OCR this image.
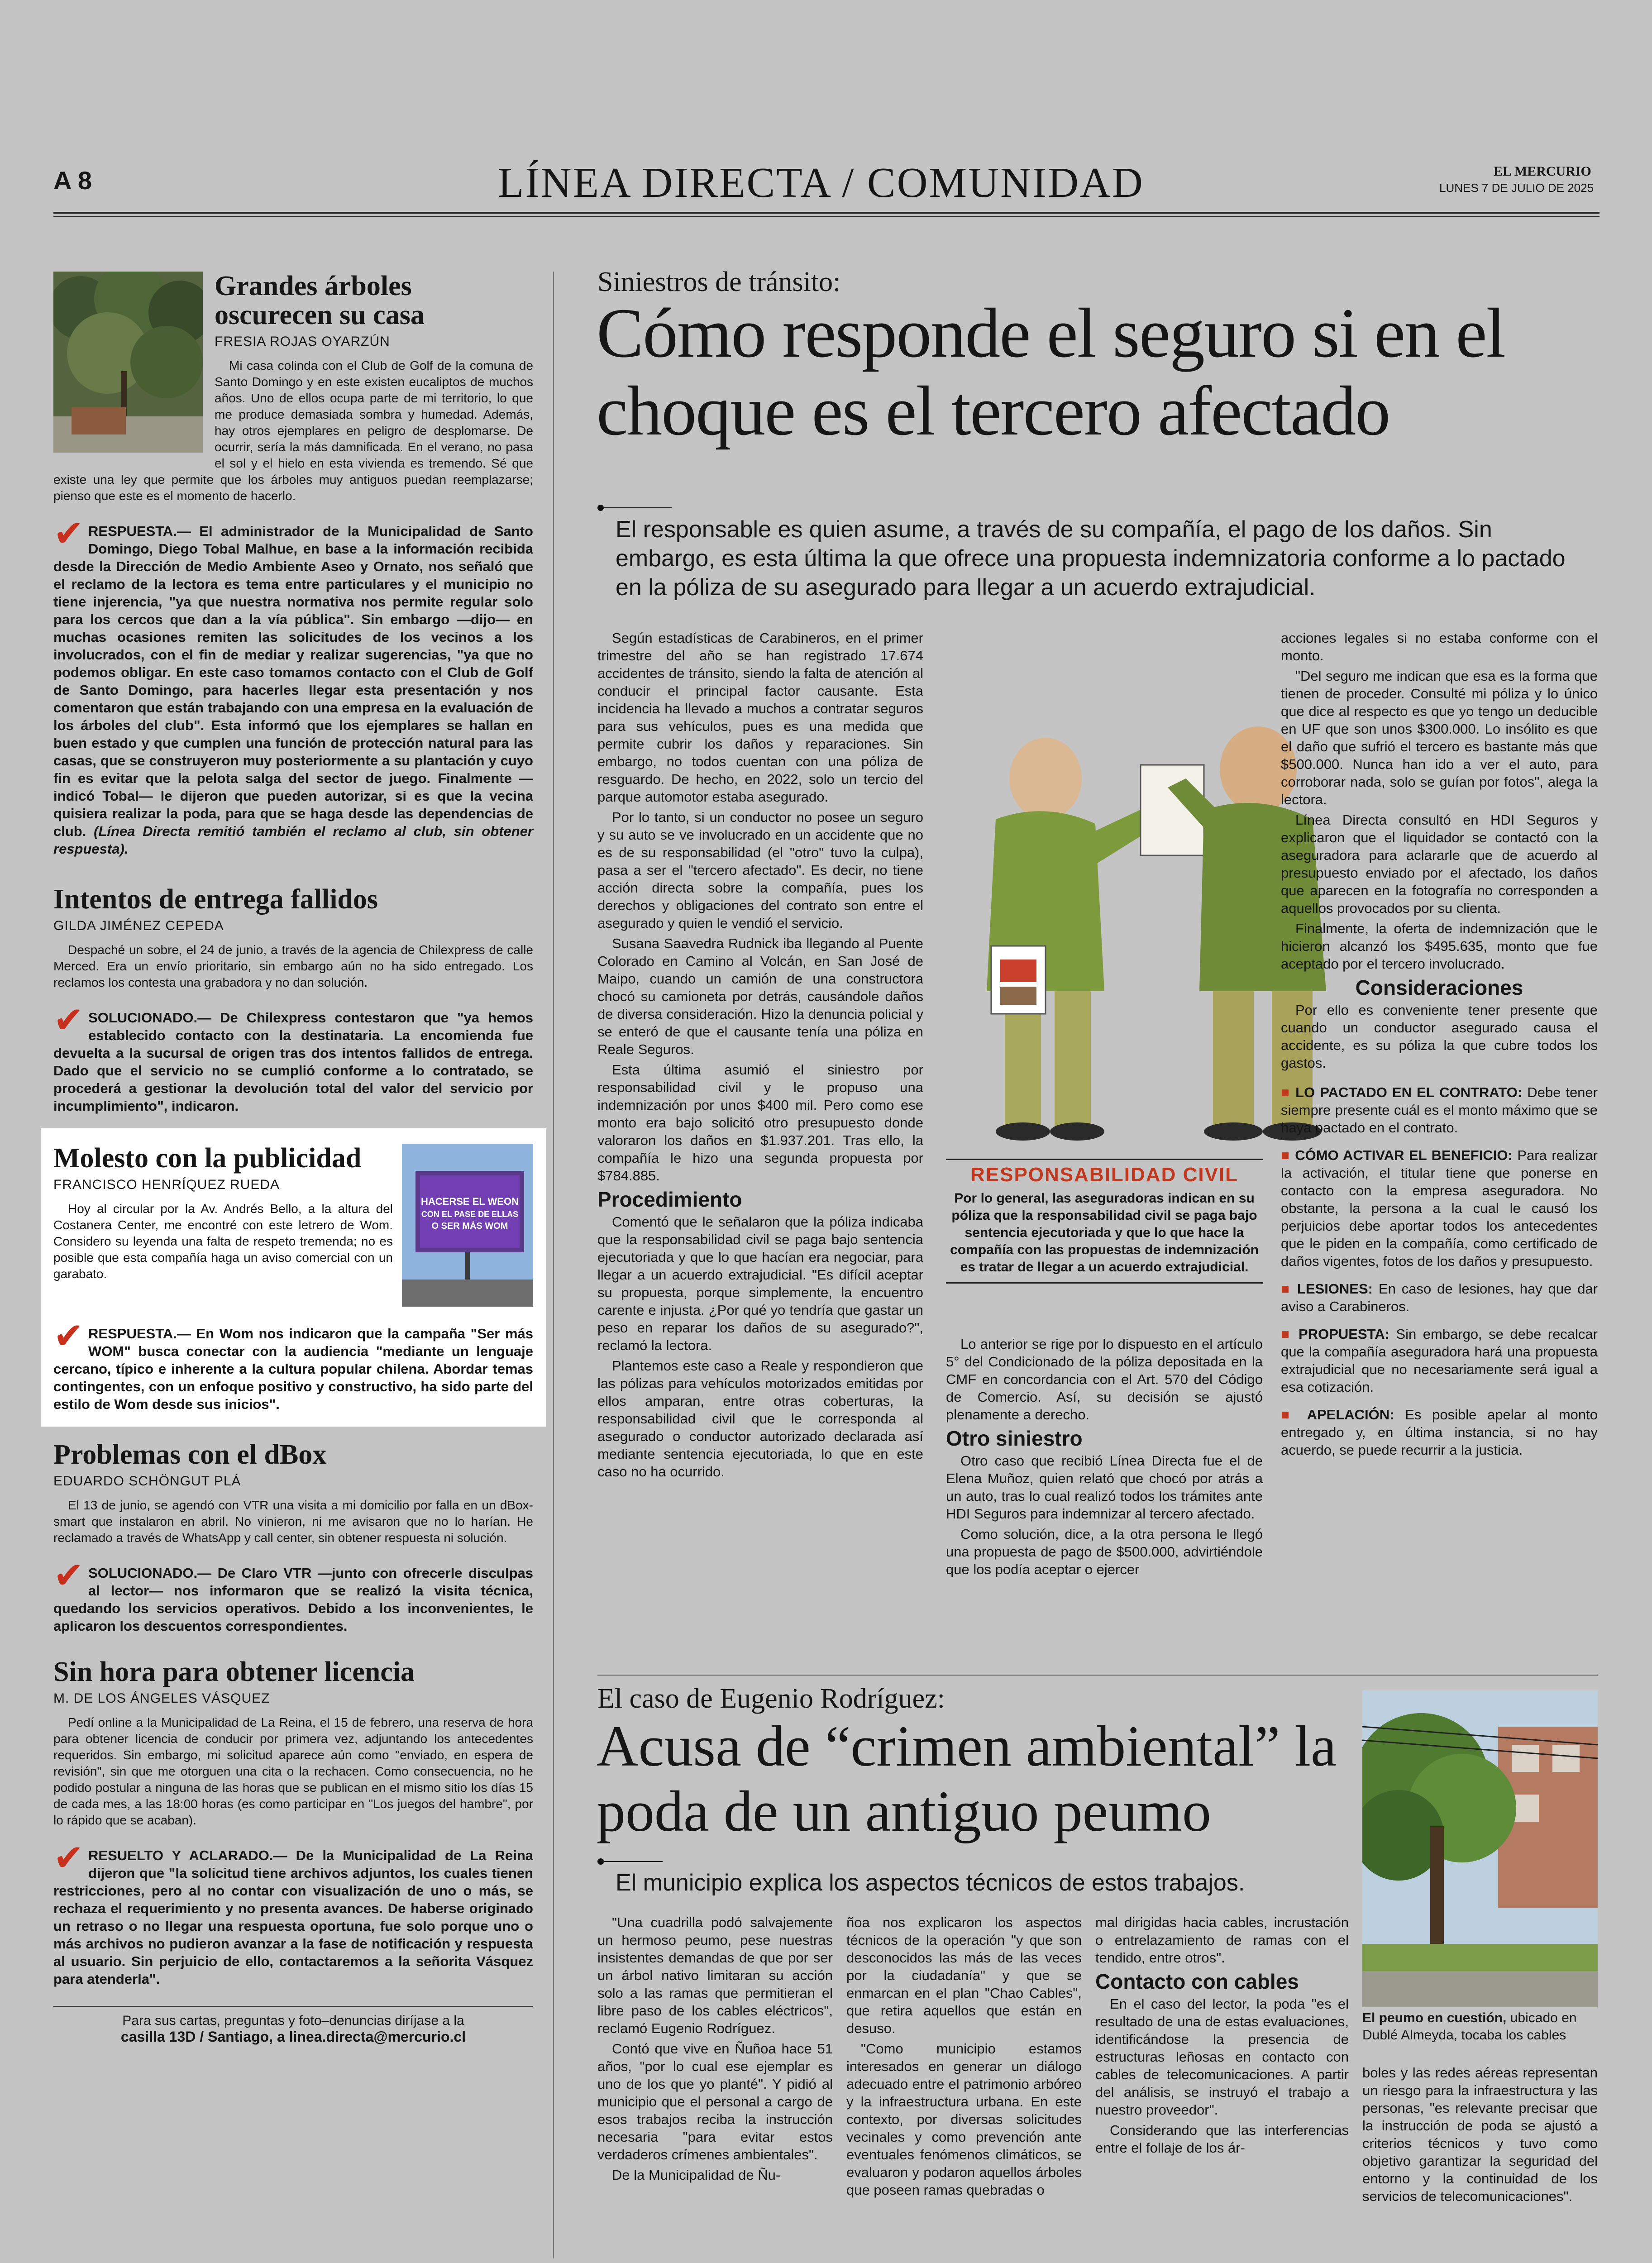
A 8	LÍNEA DIRECTA / COMUNIDAD	EL MERCURIO
LUNES 7 DE JULIO DE 2025
Grandes árboles oscurecen su casa
FRESIA ROJAS OYARZÚN

Mi casa colinda con el Club de Golf de la comuna de Santo Domingo y en este existen eucaliptos de muchos años. Uno de ellos ocupa parte de mi territorio, lo que me produce demasiada sombra y humedad. Además, hay otros ejemplares en peligro de desplomarse. De ocurrir, sería la más damnificada. En el verano, no pasa el sol y el hielo en esta vivienda es tremendo. Sé que existe una ley que permite que los árboles muy antiguos puedan reemplazarse; pienso que este es el momento de hacerlo.

✔ RESPUESTA.— El administrador de la Municipalidad de Santo Domingo, Diego Tobal Malhue, en base a la información recibida desde la Dirección de Medio Ambiente Aseo y Ornato, nos señaló que el reclamo de la lectora es tema entre particulares y el municipio no tiene injerencia, "ya que nuestra normativa nos permite regular solo para los cercos que dan a la vía pública". Sin embargo —dijo— en muchas ocasiones remiten las solicitudes de los vecinos a los involucrados, con el fin de mediar y realizar sugerencias, "ya que no podemos obligar. En este caso tomamos contacto con el Club de Golf de Santo Domingo, para hacerles llegar esta presentación y nos comentaron que están trabajando con una empresa en la evaluación de los árboles del club". Esta informó que los ejemplares se hallan en buen estado y que cumplen una función de protección natural para las casas, que se construyeron muy posteriormente a su plantación y cuyo fin es evitar que la pelota salga del sector de juego. Finalmente —indicó Tobal— le dijeron que pueden autorizar, si es que la vecina quisiera realizar la poda, para que se haga desde las dependencias de club. (Línea Directa remitió también el reclamo al club, sin obtener respuesta).
Intentos de entrega fallidos
GILDA JIMÉNEZ CEPEDA

Despaché un sobre, el 24 de junio, a través de la agencia de Chilexpress de calle Merced. Era un envío prioritario, sin embargo aún no ha sido entregado. Los reclamos los contesta una grabadora y no dan solución.

✔ SOLUCIONADO.— De Chilexpress contestaron que "ya hemos establecido contacto con la destinataria. La encomienda fue devuelta a la sucursal de origen tras dos intentos fallidos de entrega. Dado que el servicio no se cumplió conforme a lo contratado, se procederá a gestionar la devolución total del valor del servicio por incumplimiento", indicaron.
HACERSE EL WEON
CON EL PASE DE ELLAS
O SER MÁS WOM
Molesto con la publicidad
FRANCISCO HENRÍQUEZ RUEDA

Hoy al circular por la Av. Andrés Bello, a la altura del Costanera Center, me encontré con este letrero de Wom. Considero su leyenda una falta de respeto tremenda; no es posible que esta compañía haga un aviso comercial con un garabato.

✔ RESPUESTA.— En Wom nos indicaron que la campaña "Ser más WOM" busca conectar con la audiencia "mediante un lenguaje cercano, típico e inherente a la cultura popular chilena. Abordar temas contingentes, con un enfoque positivo y constructivo, ha sido parte del estilo de Wom desde sus inicios".
Problemas con el dBox
EDUARDO SCHÖNGUT PLÁ

El 13 de junio, se agendó con VTR una visita a mi domicilio por falla en un dBox-smart que instalaron en abril. No vinieron, ni me avisaron que no lo harían. He reclamado a través de WhatsApp y call center, sin obtener respuesta ni solución.

✔ SOLUCIONADO.— De Claro VTR —junto con ofrecerle disculpas al lector— nos informaron que se realizó la visita técnica, quedando los servicios operativos. Debido a los inconvenientes, le aplicaron los descuentos correspondientes.
Sin hora para obtener licencia
M. DE LOS ÁNGELES VÁSQUEZ

Pedí online a la Municipalidad de La Reina, el 15 de febrero, una reserva de hora para obtener licencia de conducir por primera vez, adjuntando los antecedentes requeridos. Sin embargo, mi solicitud aparece aún como "enviado, en espera de revisión", sin que me otorguen una cita o la rechacen. Como consecuencia, no he podido postular a ninguna de las horas que se publican en el mismo sitio los días 15 de cada mes, a las 18:00 horas (es como participar en "Los juegos del hambre", por lo rápido que se acaban).

✔ RESUELTO Y ACLARADO.— De la Municipalidad de La Reina dijeron que "la solicitud tiene archivos adjuntos, los cuales tienen restricciones, pero al no contar con visualización de uno o más, se rechaza el requerimiento y no presenta avances. De haberse originado un retraso o no llegar una respuesta oportuna, fue solo porque uno o más archivos no pudieron avanzar a la fase de notificación y respuesta al usuario. Sin perjuicio de ello, contactaremos a la señorita Vásquez para atenderla".
Para sus cartas, preguntas y foto–denuncias diríjase a la
casilla 13D / Santiago, a linea.directa@mercurio.cl
Siniestros de tránsito:
Cómo responde el seguro si en el choque es el tercero afectado

El responsable es quien asume, a través de su compañía, el pago de los daños. Sin embargo, es esta última la que ofrece una propuesta indemnizatoria conforme a lo pactado en la póliza de su asegurado para llegar a un acuerdo extrajudicial.

Según estadísticas de Carabineros, en el primer trimestre del año se han registrado 17.674 accidentes de tránsito, siendo la falta de atención al conducir el principal factor causante. Esta incidencia ha llevado a muchos a contratar seguros para sus vehículos, pues es una medida que permite cubrir los daños y reparaciones. Sin embargo, no todos cuentan con una póliza de resguardo. De hecho, en 2022, solo un tercio del parque automotor estaba asegurado.

Por lo tanto, si un conductor no posee un seguro y su auto se ve involucrado en un accidente que no es de su responsabilidad (el "otro" tuvo la culpa), pasa a ser el "tercero afectado". Es decir, no tiene acción directa sobre la compañía, pues los derechos y obligaciones del contrato son entre el asegurado y quien le vendió el servicio.

Susana Saavedra Rudnick iba llegando al Puente Colorado en Camino al Volcán, en San José de Maipo, cuando un camión de una constructora chocó su camioneta por detrás, causándole daños de diversa consideración. Hizo la denuncia policial y se enteró de que el causante tenía una póliza en Reale Seguros.

Esta última asumió el siniestro por responsabilidad civil y le propuso una indemnización por unos $400 mil. Pero como ese monto era bajo solicitó otro presupuesto donde valoraron los daños en $1.937.201. Tras ello, la compañía le hizo una segunda propuesta por $784.885.

Procedimiento

Comentó que le señalaron que la póliza indicaba que la responsabilidad civil se paga bajo sentencia ejecutoriada y que lo que hacían era negociar, para llegar a un acuerdo extrajudicial. "Es difícil aceptar su propuesta, porque simplemente, la encuentro carente e injusta. ¿Por qué yo tendría que gastar un peso en reparar los daños de su asegurado?", reclamó la lectora.

Plantemos este caso a Reale y respondieron que las pólizas para vehículos motorizados emitidas por ellos amparan, entre otras coberturas, la responsabilidad civil que le corresponda al asegurado o conductor autorizado declarada así mediante sentencia ejecutoriada, lo que en este caso no ha ocurrido.

RESPONSABILIDAD CIVIL
Por lo general, las aseguradoras indican en su póliza que la responsabilidad civil se paga bajo sentencia ejecutoriada y que lo que hace la compañía con las propuestas de indemnización es tratar de llegar a un acuerdo extrajudicial.

Lo anterior se rige por lo dispuesto en el artículo 5° del Condicionado de la póliza depositada en la CMF en concordancia con el Art. 570 del Código de Comercio. Así, su decisión se ajustó plenamente a derecho.

Otro siniestro

Otro caso que recibió Línea Directa fue el de Elena Muñoz, quien relató que chocó por atrás a un auto, tras lo cual realizó todos los trámites ante HDI Seguros para indemnizar al tercero afectado.

Como solución, dice, a la otra persona le llegó una propuesta de pago de $500.000, advirtiéndole que los podía aceptar o ejercer

acciones legales si no estaba conforme con el monto.

"Del seguro me indican que esa es la forma que tienen de proceder. Consulté mi póliza y lo único que dice al respecto es que yo tengo un deducible en UF que son unos $300.000. Lo insólito es que el daño que sufrió el tercero es bastante más que $500.000. Nunca han ido a ver el auto, para corroborar nada, solo se guían por fotos", alega la lectora.

Línea Directa consultó en HDI Seguros y explicaron que el liquidador se contactó con la aseguradora para aclararle que de acuerdo al presupuesto enviado por el afectado, los daños que aparecen en la fotografía no corresponden a aquellos provocados por su clienta.

Finalmente, la oferta de indemnización que le hicieron alcanzó los $495.635, monto que fue aceptado por el tercero involucrado.

Consideraciones

Por ello es conveniente tener presente que cuando un conductor asegurado causa el accidente, es su póliza la que cubre todos los gastos.

■ LO PACTADO EN EL CONTRATO: Debe tener siempre presente cuál es el monto máximo que se haya pactado en el contrato.

■ CÓMO ACTIVAR EL BENEFICIO: Para realizar la activación, el titular tiene que ponerse en contacto con la empresa aseguradora. No obstante, la persona a la cual le causó los perjuicios debe aportar todos los antecedentes que le piden en la compañía, como certificado de daños vigentes, fotos de los daños y presupuesto.

■ LESIONES: En caso de lesiones, hay que dar aviso a Carabineros.

■ PROPUESTA: Sin embargo, se debe recalcar que la compañía aseguradora hará una propuesta extrajudicial que no necesariamente será igual a esa cotización.

■ APELACIÓN: Es posible apelar al monto entregado y, en última instancia, si no hay acuerdo, se puede recurrir a la justicia.

El caso de Eugenio Rodríguez:
Acusa de “crimen ambiental” la poda de un antiguo peumo

El municipio explica los aspectos técnicos de estos trabajos.

"Una cuadrilla podó salvajemente un hermoso peumo, pese nuestras insistentes demandas de que por ser un árbol nativo limitaran su acción solo a las ramas que permitieran el libre paso de los cables eléctricos", reclamó Eugenio Rodríguez.

Contó que vive en Ñuñoa hace 51 años, "por lo cual ese ejemplar es uno de los que yo planté". Y pidió al municipio que el personal a cargo de esos trabajos reciba la instrucción necesaria "para evitar estos verdaderos crímenes ambientales".

De la Municipalidad de Ñu-

ñoa nos explicaron los aspectos técnicos de la operación "y que son desconocidos las más de las veces por la ciudadanía" y que se enmarcan en el plan "Chao Cables", que retira aquellos que están en desuso.

"Como municipio estamos interesados en generar un diálogo adecuado entre el patrimonio arbóreo y la infraestructura urbana. En este contexto, por diversas solicitudes vecinales y como prevención ante eventuales fenómenos climáticos, se evaluaron y podaron aquellos árboles que poseen ramas quebradas o

mal dirigidas hacia cables, incrustación o entrelazamiento de ramas con el tendido, entre otros".

Contacto con cables

En el caso del lector, la poda "es el resultado de una de estas evaluaciones, identificándose la presencia de estructuras leñosas en contacto con cables de telecomunicaciones. A partir del análisis, se instruyó el trabajo a nuestro proveedor".

Considerando que las interferencias entre el follaje de los ár-

El peumo en cuestión, ubicado en Dublé Almeyda, tocaba los cables

boles y las redes aéreas representan un riesgo para la infraestructura y las personas, "es relevante precisar que la instrucción de poda se ajustó a criterios técnicos y tuvo como objetivo garantizar la seguridad del entorno y la continuidad de los servicios de telecomunicaciones".
